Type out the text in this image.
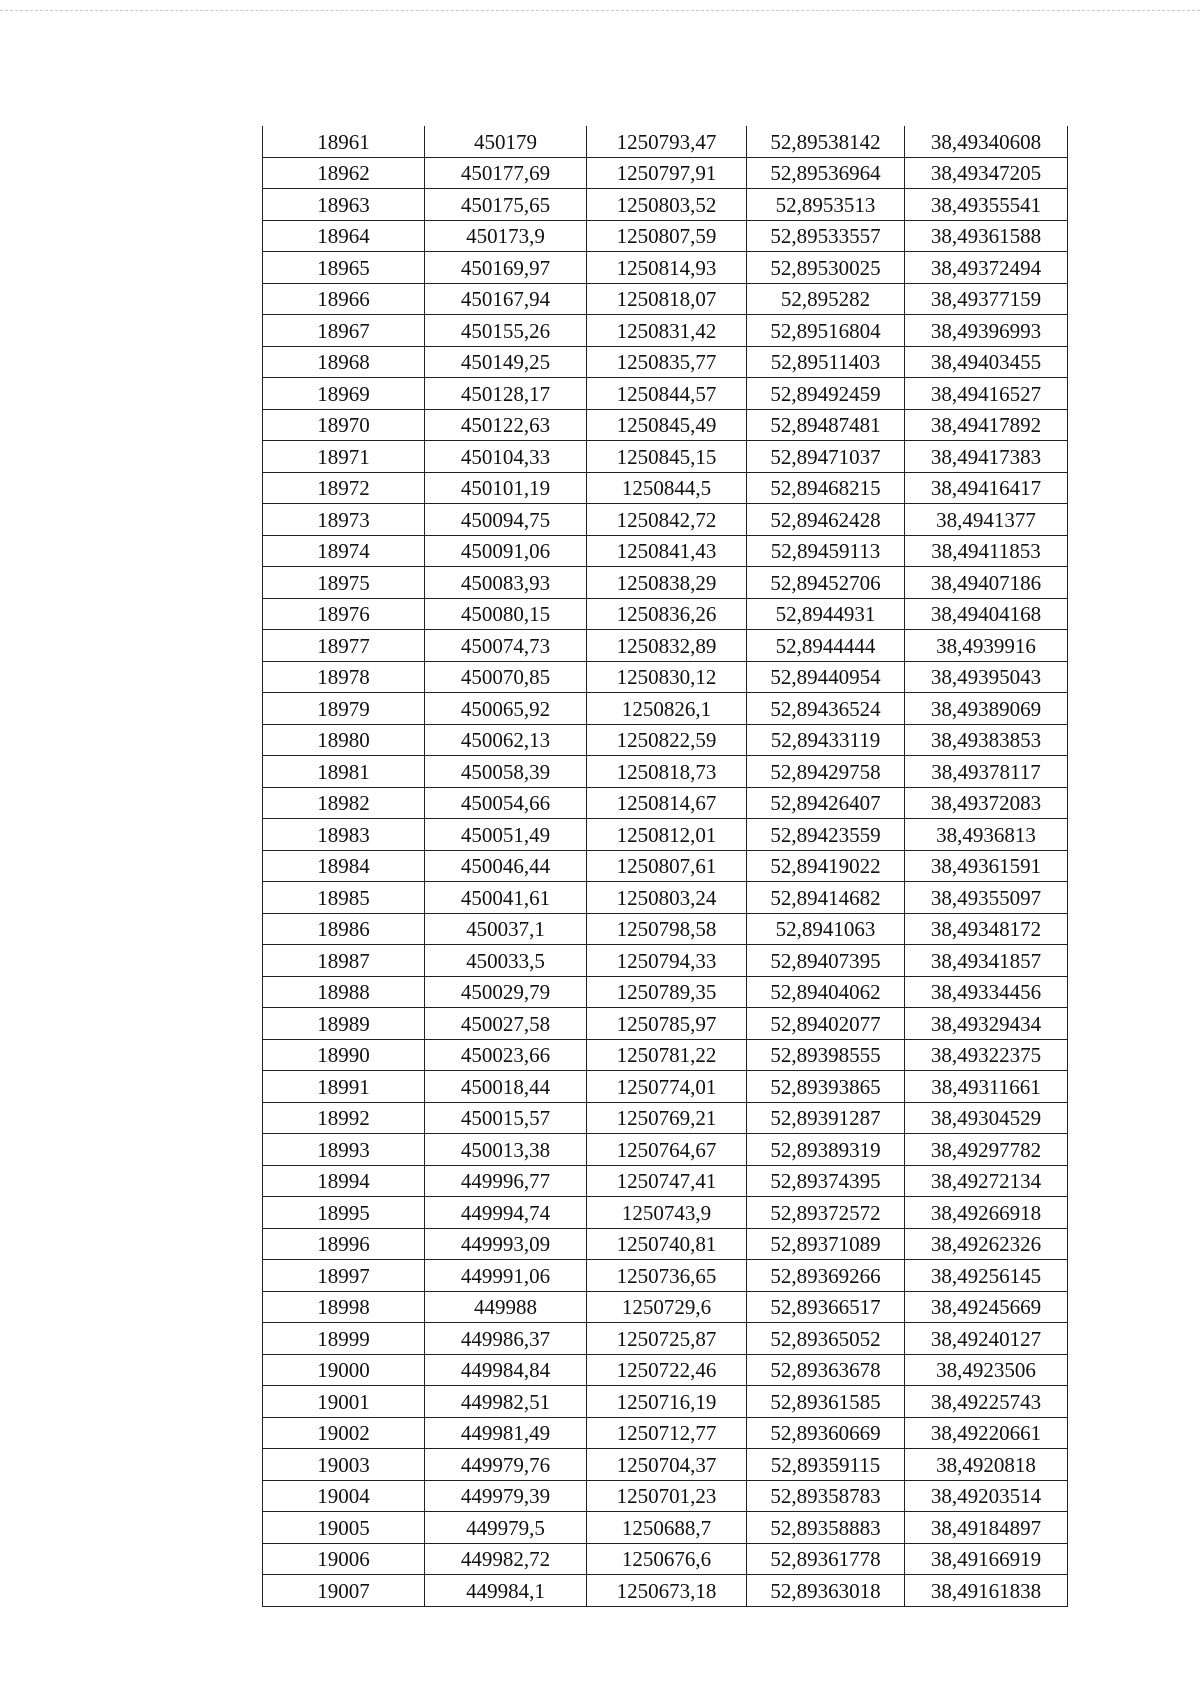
18961	450179	1250793,47	52,89538142	38,49340608
18962	450177,69	1250797,91	52,89536964	38,49347205
18963	450175,65	1250803,52	52,8953513	38,49355541
18964	450173,9	1250807,59	52,89533557	38,49361588
18965	450169,97	1250814,93	52,89530025	38,49372494
18966	450167,94	1250818,07	52,895282	38,49377159
18967	450155,26	1250831,42	52,89516804	38,49396993
18968	450149,25	1250835,77	52,89511403	38,49403455
18969	450128,17	1250844,57	52,89492459	38,49416527
18970	450122,63	1250845,49	52,89487481	38,49417892
18971	450104,33	1250845,15	52,89471037	38,49417383
18972	450101,19	1250844,5	52,89468215	38,49416417
18973	450094,75	1250842,72	52,89462428	38,4941377
18974	450091,06	1250841,43	52,89459113	38,49411853
18975	450083,93	1250838,29	52,89452706	38,49407186
18976	450080,15	1250836,26	52,8944931	38,49404168
18977	450074,73	1250832,89	52,8944444	38,4939916
18978	450070,85	1250830,12	52,89440954	38,49395043
18979	450065,92	1250826,1	52,89436524	38,49389069
18980	450062,13	1250822,59	52,89433119	38,49383853
18981	450058,39	1250818,73	52,89429758	38,49378117
18982	450054,66	1250814,67	52,89426407	38,49372083
18983	450051,49	1250812,01	52,89423559	38,4936813
18984	450046,44	1250807,61	52,89419022	38,49361591
18985	450041,61	1250803,24	52,89414682	38,49355097
18986	450037,1	1250798,58	52,8941063	38,49348172
18987	450033,5	1250794,33	52,89407395	38,49341857
18988	450029,79	1250789,35	52,89404062	38,49334456
18989	450027,58	1250785,97	52,89402077	38,49329434
18990	450023,66	1250781,22	52,89398555	38,49322375
18991	450018,44	1250774,01	52,89393865	38,49311661
18992	450015,57	1250769,21	52,89391287	38,49304529
18993	450013,38	1250764,67	52,89389319	38,49297782
18994	449996,77	1250747,41	52,89374395	38,49272134
18995	449994,74	1250743,9	52,89372572	38,49266918
18996	449993,09	1250740,81	52,89371089	38,49262326
18997	449991,06	1250736,65	52,89369266	38,49256145
18998	449988	1250729,6	52,89366517	38,49245669
18999	449986,37	1250725,87	52,89365052	38,49240127
19000	449984,84	1250722,46	52,89363678	38,4923506
19001	449982,51	1250716,19	52,89361585	38,49225743
19002	449981,49	1250712,77	52,89360669	38,49220661
19003	449979,76	1250704,37	52,89359115	38,4920818
19004	449979,39	1250701,23	52,89358783	38,49203514
19005	449979,5	1250688,7	52,89358883	38,49184897
19006	449982,72	1250676,6	52,89361778	38,49166919
19007	449984,1	1250673,18	52,89363018	38,49161838
